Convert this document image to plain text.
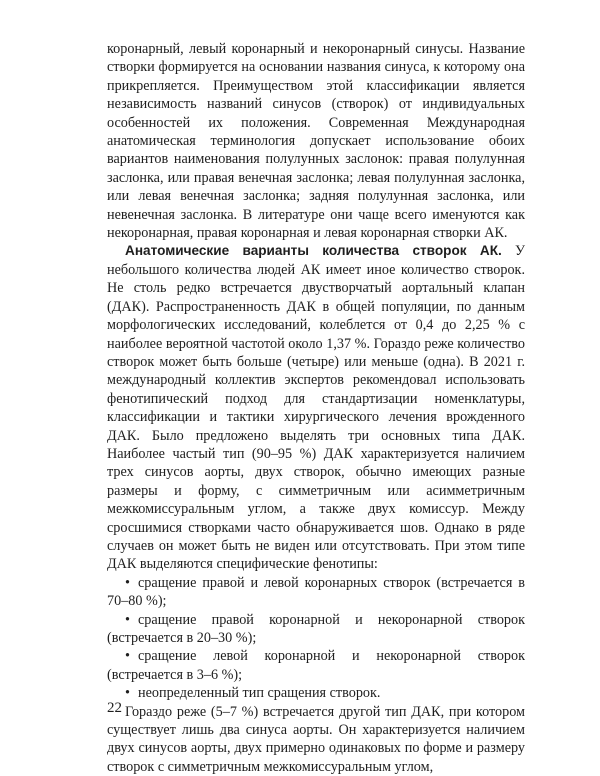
коронарный, левый коронарный и некоронарный синусы. Название створки формируется на основании названия синуса, к которому она прикрепляется. Преимуществом этой классификации является независимость названий синусов (створок) от индивидуальных особенностей их положения. Современная Международная анатомическая терминология допускает использование обоих вариантов наименования полулунных заслонок: правая полулунная заслонка, или правая венечная заслонка; левая полулунная заслонка, или левая венечная заслонка; задняя полулунная заслонка, или невенечная заслонка. В литературе они чаще всего именуются как некоронарная, правая коронарная и левая коронарная створки АК.

Анатомические варианты количества створок АК. У небольшого количества людей АК имеет иное количество створок. Не столь редко встречается двустворчатый аортальный клапан (ДАК). Распространенность ДАК в общей популяции, по данным морфологических исследований, колеблется от 0,4 до 2,25 % с наиболее вероятной частотой около 1,37 %. Гораздо реже количество створок может быть больше (четыре) или меньше (одна). В 2021 г. международный коллектив экспертов рекомендовал использовать фенотипический подход для стандартизации номенклатуры, классификации и тактики хирургического лечения врожденного ДАК. Было предложено выделять три основных типа ДАК. Наиболее частый тип (90–95 %) ДАК характеризуется наличием трех синусов аорты, двух створок, обычно имеющих разные размеры и форму, с симметричным или асимметричным межкомиссуральным углом, а также двух комиссур. Между сросшимися створками часто обнаруживается шов. Однако в ряде случаев он может быть не виден или отсутствовать. При этом типе ДАК выделяются специфические фенотипы:

• сращение правой и левой коронарных створок (встречается в 70–80 %);
• сращение правой коронарной и некоронарной створок (встречается в 20–30 %);
• сращение левой коронарной и некоронарной створок (встречается в 3–6 %);
• неопределенный тип сращения створок.

Гораздо реже (5–7 %) встречается другой тип ДАК, при котором существует лишь два синуса аорты. Он характеризуется наличием двух синусов аорты, двух примерно одинаковых по форме и размеру створок с симметричным межкомиссуральным углом,

22
